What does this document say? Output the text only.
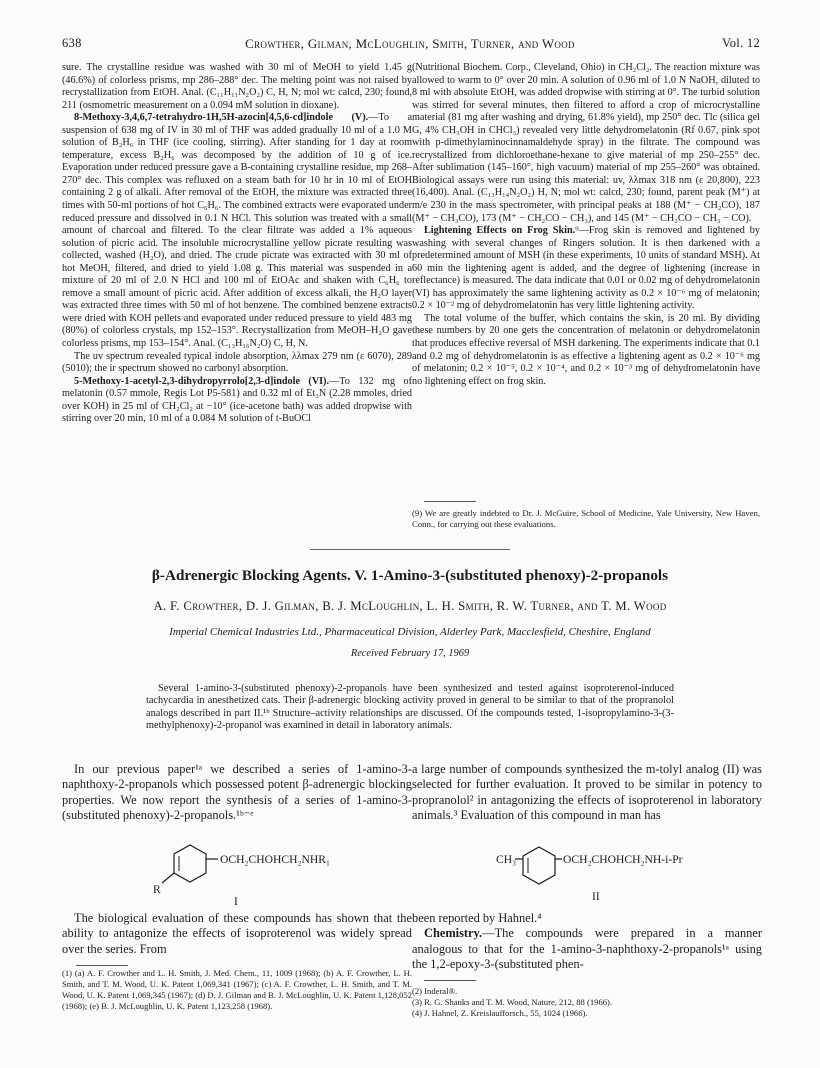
638	Crowther, Gilman, McLoughlin, Smith, Turner, and Wood	Vol. 12

sure. The crystalline residue was washed with 30 ml of MeOH to yield 1.45 g (46.6%) of colorless prisms, mp 286–288° dec. The melting point was not raised by recrystallization from EtOH. Anal. (C₁₁H₁₁N₂O₂) C, H, N; mol wt: calcd, 230; found, 211 (osmometric measurement on a 0.094 mM solution in dioxane).

8-Methoxy-3,4,6,7-tetrahydro-1H,5H-azocin[4,5,6-cd]indole (V).—To a suspension of 638 mg of IV in 30 ml of THF was added gradually 10 ml of a 1.0 M solution of B₂H₆ in THF (ice cooling, stirring). After standing for 1 day at room temperature, excess B₂H₆ was decomposed by the addition of 10 g of ice. Evaporation under reduced pressure gave a B-containing crystalline residue, mp 268–270° dec. This complex was refluxed on a steam bath for 10 hr in 10 ml of EtOH containing 2 g of alkali. After removal of the EtOH, the mixture was extracted three times with 50-ml portions of hot C₆H₆. The combined extracts were evaporated under reduced pressure and dissolved in 0.1 N HCl. This solution was treated with a small amount of charcoal and filtered. To the clear filtrate was added a 1% aqueous solution of picric acid. The insoluble microcrystalline yellow picrate resulting was collected, washed (H₂O), and dried. The crude picrate was extracted with 30 ml of hot MeOH, filtered, and dried to yield 1.08 g. This material was suspended in a mixture of 20 ml of 2.0 N HCl and 100 ml of EtOAc and shaken with C₆H₆ to remove a small amount of picric acid. After addition of excess alkali, the H₂O layer was extracted three times with 50 ml of hot benzene. The combined benzene extracts were dried with KOH pellets and evaporated under reduced pressure to yield 483 mg (80%) of colorless crystals, mp 152–153°. Recrystallization from MeOH–H₂O gave colorless prisms, mp 153–154°. Anal. (C₁₃H₁₆N₂O) C, H, N.

The uv spectrum revealed typical indole absorption, λλmax 279 nm (ε 6070), 289 (5010); the ir spectrum showed no carbonyl absorption.

5-Methoxy-1-acetyl-2,3-dihydropyrrolo[2,3-d]indole (VI).—To 132 mg of melatonin (0.57 mmole, Regis Lot P5-581) and 0.32 ml of Et₃N (2.28 mmoles, dried over KOH) in 25 ml of CH₂Cl₂ at −10° (ice-acetone bath) was added dropwise with stirring over 20 min, 10 ml of a 0.084 M solution of t-BuOCl

(Nutritional Biochem. Corp., Cleveland, Ohio) in CH₂Cl₂. The reaction mixture was allowed to warm to 0° over 20 min. A solution of 0.96 ml of 1.0 N NaOH, diluted to 8 ml with absolute EtOH, was added dropwise with stirring at 0°. The turbid solution was stirred for several minutes, then filtered to afford a crop of microcrystalline material (81 mg after washing and drying, 61.8% yield), mp 250° dec. Tlc (silica gel G, 4% CH₃OH in CHCl₃) revealed very little dehydromelatonin (Rf 0.67, pink spot with p-dimethylaminocinnamaldehyde spray) in the filtrate. The compound was recrystallized from dichloroethane-hexane to give material of mp 250–255° dec. After sublimation (145–160°, high vacuum) material of mp 255–260° was obtained. Biological assays were run using this material: uv, λλmax 318 nm (ε 20,800), 223 (16,400). Anal. (C₁₃H₁₄N₂O₂) H, N; mol wt: calcd, 230; found, parent peak (M⁺) at m/e 230 in the mass spectrometer, with principal peaks at 188 (M⁺ − CH₂CO), 187 (M⁺ − CH₃CO), 173 (M⁺ − CH₂CO − CH₃), and 145 (M⁺ − CH₂CO − CH₃ − CO).

Lightening Effects on Frog Skin.⁹—Frog skin is removed and lightened by washing with several changes of Ringers solution. It is then darkened with a predetermined amount of MSH (in these experiments, 10 units of standard MSH). At 60 min the lightening agent is added, and the degree of lightening (increase in reflectance) is measured. The data indicate that 0.01 or 0.02 mg of dehydromelatonin (VI) has approximately the same lightening activity as 0.2 × 10⁻⁶ mg of melatonin; 0.2 × 10⁻² mg of dehydromelatonin has very little lightening activity.

The total volume of the buffer, which contains the skin, is 20 ml. By dividing these numbers by 20 one gets the concentration of melatonin or dehydromelatonin that produces effective reversal of MSH darkening. The experiments indicate that 0.1 and 0.2 mg of dehydromelatonin is as effective a lightening agent as 0.2 × 10⁻⁶ mg of melatonin; 0.2 × 10⁻⁵, 0.2 × 10⁻⁴, and 0.2 × 10⁻³ mg of dehydromelatonin have no lightening effect on frog skin.

(9) We are greatly indebted to Dr. J. McGuire, School of Medicine, Yale University, New Haven, Conn., for carrying out these evaluations.
β-Adrenergic Blocking Agents. V. 1-Amino-3-(substituted phenoxy)-2-propanols
A. F. Crowther, D. J. Gilman, B. J. McLoughlin, L. H. Smith, R. W. Turner, and T. M. Wood
Imperial Chemical Industries Ltd., Pharmaceutical Division, Alderley Park, Macclesfield, Cheshire, England
Received February 17, 1969

Several 1-amino-3-(substituted phenoxy)-2-propanols have been synthesized and tested against isoproterenol-induced tachycardia in anesthetized cats. Their β-adrenergic blocking activity proved in general to be similar to that of the propranolol analogs described in part II.¹ᵇ Structure–activity relationships are discussed. Of the compounds tested, 1-isopropylamino-3-(3-methylphenoxy)-2-propanol was examined in detail in laboratory animals.

In our previous paper¹ᵃ we described a series of 1-amino-3-naphthoxy-2-propanols which possessed potent β-adrenergic blocking properties. We now report the synthesis of a series of 1-amino-3-(substituted phenoxy)-2-propanols.¹ᵇ⁻ᵉ
a large number of compounds synthesized the m-tolyl analog (II) was selected for further evaluation. It proved to be similar in potency to propranolol² in antagonizing the effects of isoproterenol in laboratory animals.³ Evaluation of this compound in man has
OCH₂CHOHCH₂NHR₁
R
I
CH₃	OCH₂CHOHCH₂NH-i-Pr
II
The biological evaluation of these compounds has shown that the ability to antagonize the effects of isoproterenol was widely spread over the series. From

been reported by Hahnel.⁴

Chemistry.—The compounds were prepared in a manner analogous to that for the 1-amino-3-naphthoxy-2-propanols¹ᵃ using the 1,2-epoxy-3-(substituted phen-

(1) (a) A. F. Crowther and L. H. Smith, J. Med. Chem., 11, 1009 (1968); (b) A. F. Crowther, L. H. Smith, and T. M. Wood, U. K. Patent 1,069,341 (1967); (c) A. F. Crowther, L. H. Smith, and T. M. Wood, U. K. Patent 1,069,345 (1967); (d) D. J. Gilman and B. J. McLoughlin, U. K. Patent 1,128,052 (1968); (e) B. J. McLoughlin, U. K. Patent 1,123,258 (1968).
(2) Inderal®.
(3) R. G. Shanks and T. M. Wood, Nature, 212, 88 (1966).
(4) J. Hahnel, Z. Kreislaufforsch., 55, 1024 (1966).
